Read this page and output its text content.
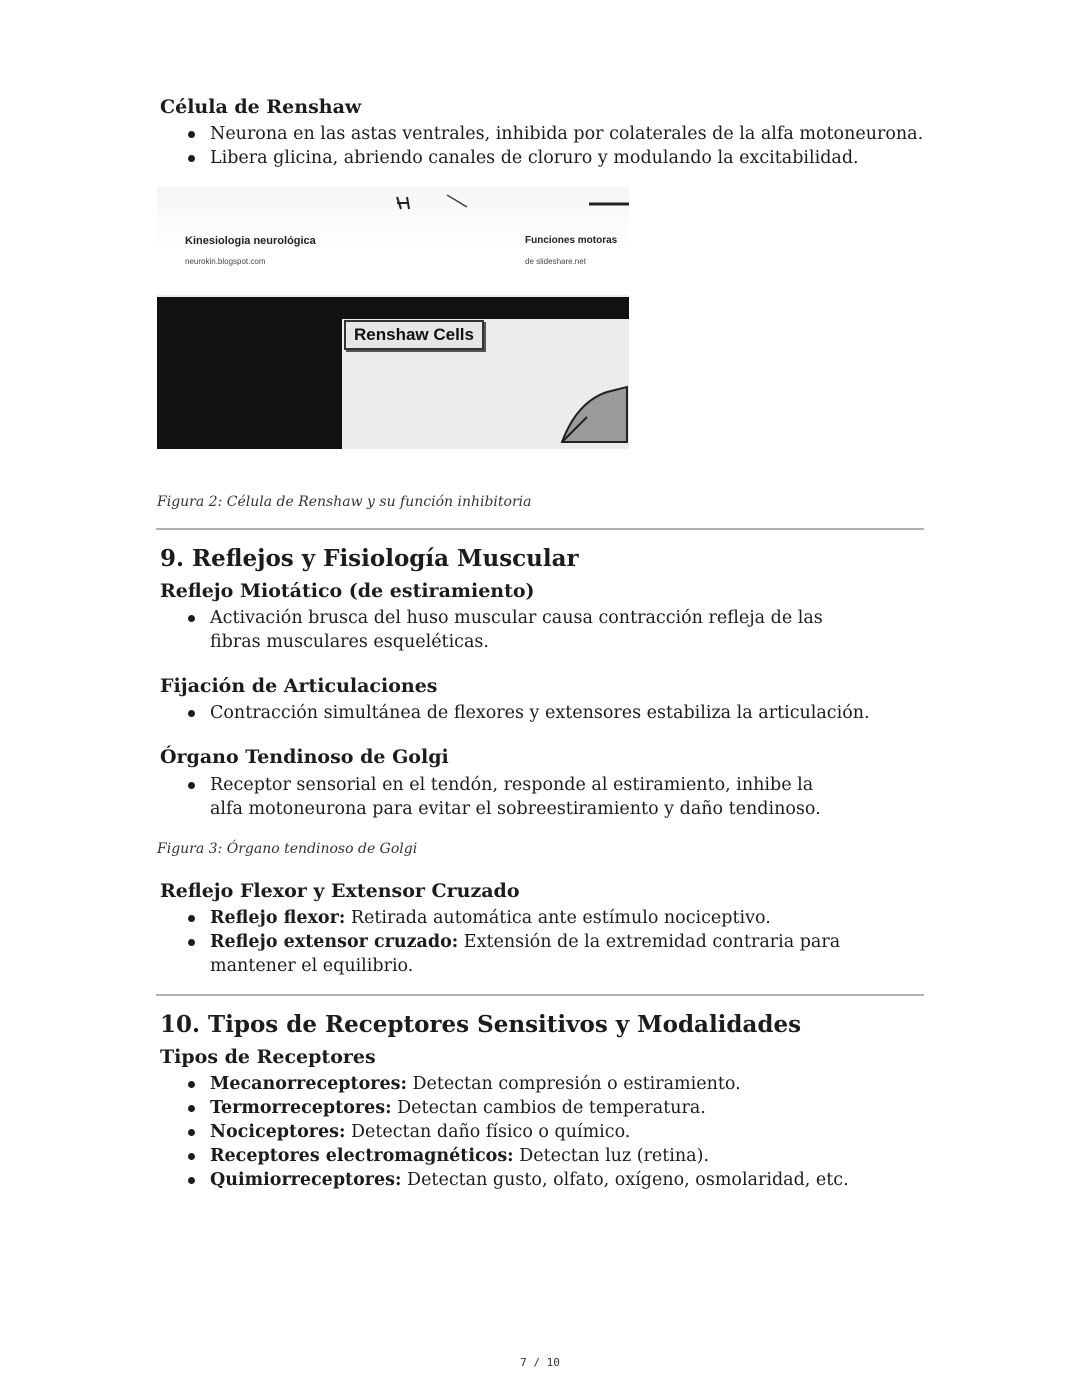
Célula de Renshaw
Neurona en las astas ventrales, inhibida por colaterales de la alfa motoneurona.
Libera glicina, abriendo canales de cloruro y modulando la excitabilidad.
Kinesiologia neurológica
neurokin.blogspot.com
Funciones motoras
de slideshare.net
Renshaw Cells

Figura 2: Célula de Renshaw y su función inhibitoria

9. Reflejos y Fisiología Muscular
Reflejo Miotático (de estiramiento)
Activación brusca del huso muscular causa contracción refleja de las fibras musculares esqueléticas.
Fijación de Articulaciones
Contracción simultánea de flexores y extensores estabiliza la articulación.
Órgano Tendinoso de Golgi
Receptor sensorial en el tendón, responde al estiramiento, inhibe la alfa motoneurona para evitar el sobreestiramiento y daño tendinoso.

Figura 3: Órgano tendinoso de Golgi

Reflejo Flexor y Extensor Cruzado
Reflejo flexor: Retirada automática ante estímulo nociceptivo.
Reflejo extensor cruzado: Extensión de la extremidad contraria para mantener el equilibrio.
10. Tipos de Receptores Sensitivos y Modalidades
Tipos de Receptores
Mecanorreceptores: Detectan compresión o estiramiento.
Termorreceptores: Detectan cambios de temperatura.
Nociceptores: Detectan daño físico o químico.
Receptores electromagnéticos: Detectan luz (retina).
Quimiorreceptores: Detectan gusto, olfato, oxígeno, osmolaridad, etc.
7 / 10
